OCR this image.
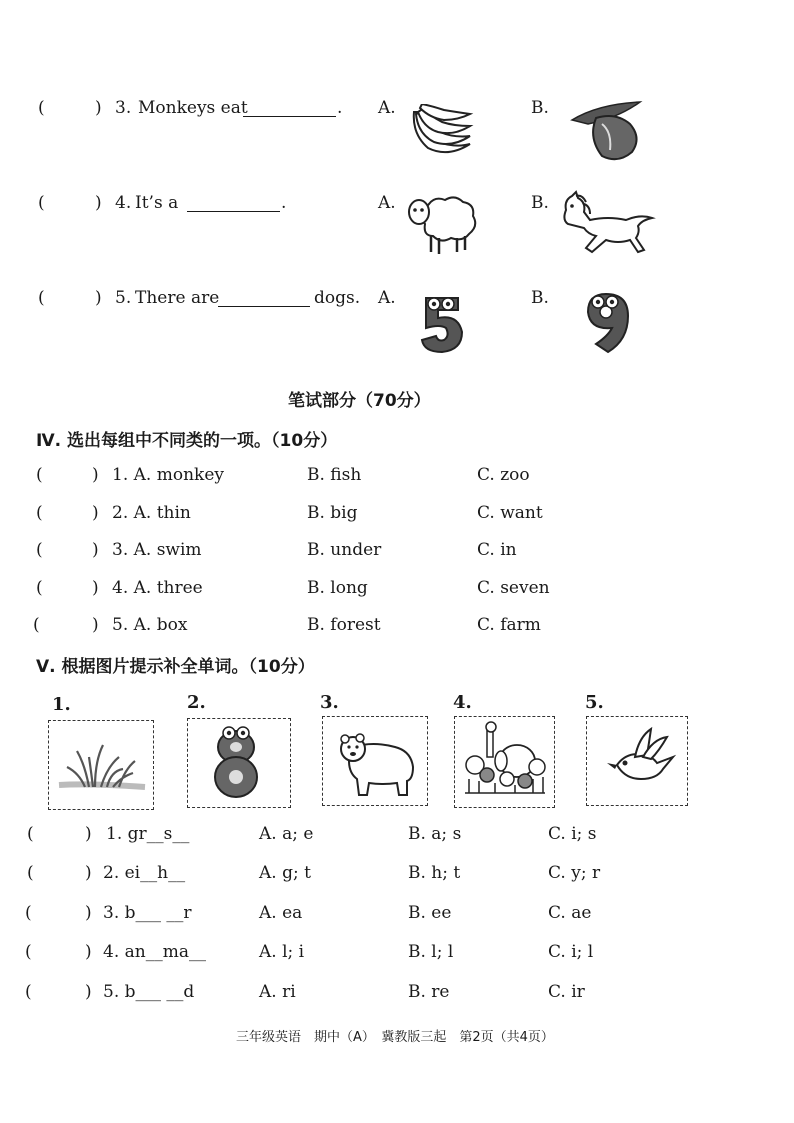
(	) 3. Monkeys eat	. A.	B.
(	) 4. It’s a	.	A.	B.
(	) 5. There are	dogs. A.	B.
笔试部分（70分）
Ⅳ. 选出每组中不同类的一项。（10分）
(	) 1. A. monkey	B. fish	C. zoo
(	) 2. A. thin	B. big	C. want
(	) 3. A. swim	B. under	C. in
(	) 4. A. three	B. long	C. seven
(	) 5. A. box	B. forest	C. farm
Ⅴ. 根据图片提示补全单词。（10分）
1.	2.	3.	4.	5.
(	) 1. gr__s__	A. a; e	B. a; s	C. i; s
(	) 2. ei__h__	A. g; t	B. h; t	C. y; r
(	) 3. b___ __r	A. ea	B. ee	C. ae
(	) 4. an__ma__	A. l; i	B. l; l	C. i; l
(	) 5. b___ __d	A. ri	B. re	C. ir
三年级英语　期中（A）　冀教版三起　第2页（共4页）
